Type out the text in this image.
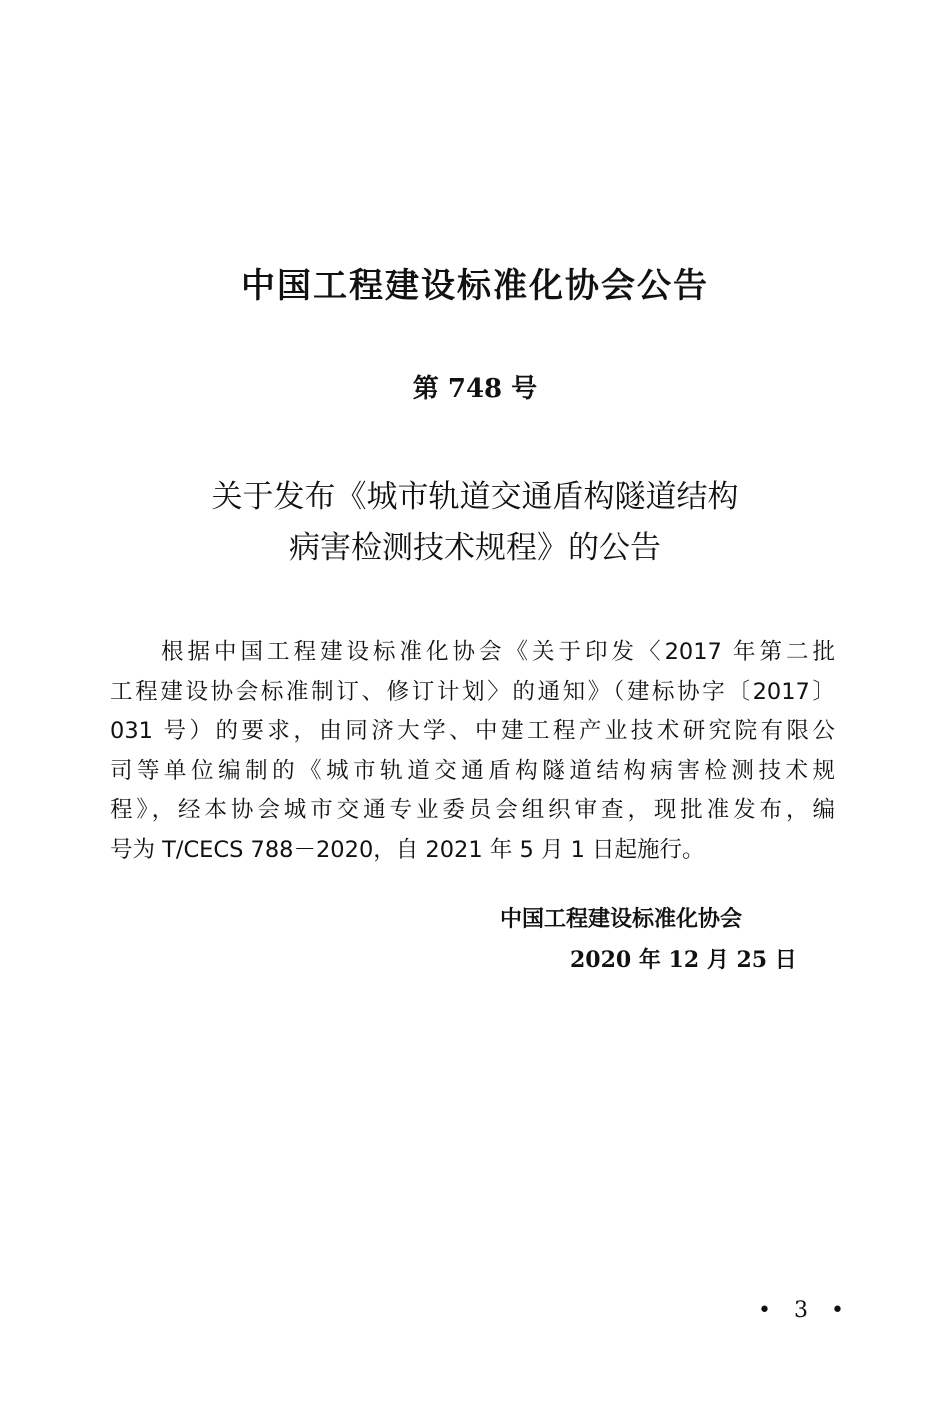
中国工程建设标准化协会公告
第 748 号
关于发布《城市轨道交通盾构隧道结构
病害检测技术规程》的公告
根据中国工程建设标准化协会《关于印发〈2017 年第二批
工程建设协会标准制订、修订计划〉的通知》（建标协字〔2017〕
031 号）的要求，由同济大学、中建工程产业技术研究院有限公
司等单位编制的《城市轨道交通盾构隧道结构病害检测技术规
程》，经本协会城市交通专业委员会组织审查，现批准发布，编
号为 T/CECS 788－2020，自 2021 年 5 月 1 日起施行。
中国工程建设标准化协会
2020 年 12 月 25 日
• 3 •
